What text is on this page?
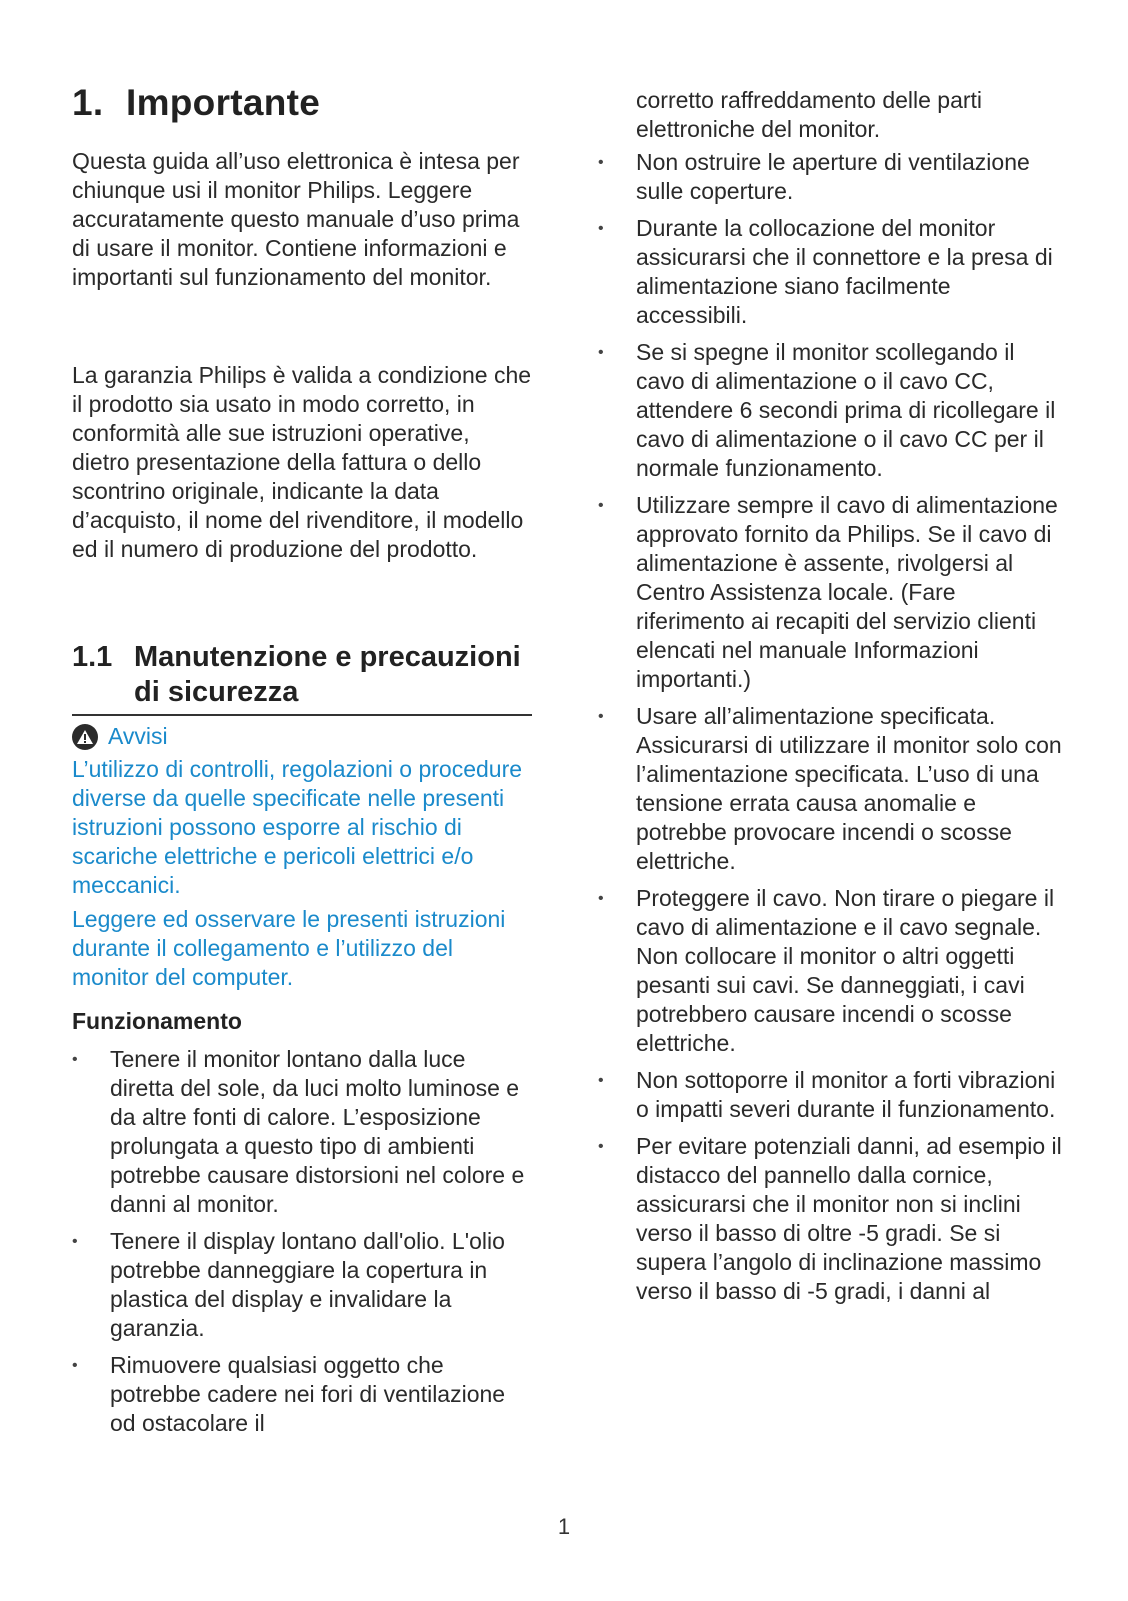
1. Importante

Questa guida all’uso elettronica è intesa per chiunque usi il monitor Philips. Leggere accuratamente questo manuale d’uso prima di usare il monitor. Contiene informazioni e importanti sul funzionamento del monitor.

La garanzia Philips è valida a condizione che il prodotto sia usato in modo corretto, in conformità alle sue istruzioni operative, dietro presentazione della fattura o dello scontrino originale, indicante la data d’acquisto, il nome del rivenditore, il modello ed il numero di produzione del prodotto.

1.1 Manutenzione e precauzioni di sicurezza
Avvisi

L’utilizzo di controlli, regolazioni o procedure diverse da quelle specificate nelle presenti istruzioni possono esporre al rischio di scariche elettriche e pericoli elettrici e/o meccanici.

Leggere ed osservare le presenti istruzioni durante il collegamento e l’utilizzo del monitor del computer.

Funzionamento
• Tenere il monitor lontano dalla luce diretta del sole, da luci molto luminose e da altre fonti di calore. L’esposizione prolungata a questo tipo di ambienti potrebbe causare distorsioni nel colore e danni al monitor.
• Tenere il display lontano dall'olio. L'olio potrebbe danneggiare la copertura in plastica del display e invalidare la garanzia.
• Rimuovere qualsiasi oggetto che potrebbe cadere nei fori di ventilazione od ostacolare il

corretto raffreddamento delle parti elettroniche del monitor.

• Non ostruire le aperture di ventilazione sulle coperture.
• Durante la collocazione del monitor assicurarsi che il connettore e la presa di alimentazione siano facilmente accessibili.
• Se si spegne il monitor scollegando il cavo di alimentazione o il cavo CC, attendere 6 secondi prima di ricollegare il cavo di alimentazione o il cavo CC per il normale funzionamento.
• Utilizzare sempre il cavo di alimentazione approvato fornito da Philips. Se il cavo di alimentazione è assente, rivolgersi al Centro Assistenza locale. (Fare riferimento ai recapiti del servizio clienti elencati nel manuale Informazioni importanti.)
• Usare all’alimentazione specificata. Assicurarsi di utilizzare il monitor solo con l’alimentazione specificata. L’uso di una tensione errata causa anomalie e potrebbe provocare incendi o scosse elettriche.
• Proteggere il cavo. Non tirare o piegare il cavo di alimentazione e il cavo segnale. Non collocare il monitor o altri oggetti pesanti sui cavi. Se danneggiati, i cavi potrebbero causare incendi o scosse elettriche.
• Non sottoporre il monitor a forti vibrazioni o impatti severi durante il funzionamento.
• Per evitare potenziali danni, ad esempio il distacco del pannello dalla cornice, assicurarsi che il monitor non si inclini verso il basso di oltre -5 gradi. Se si supera l’angolo di inclinazione massimo verso il basso di -5 gradi, i danni al
1
